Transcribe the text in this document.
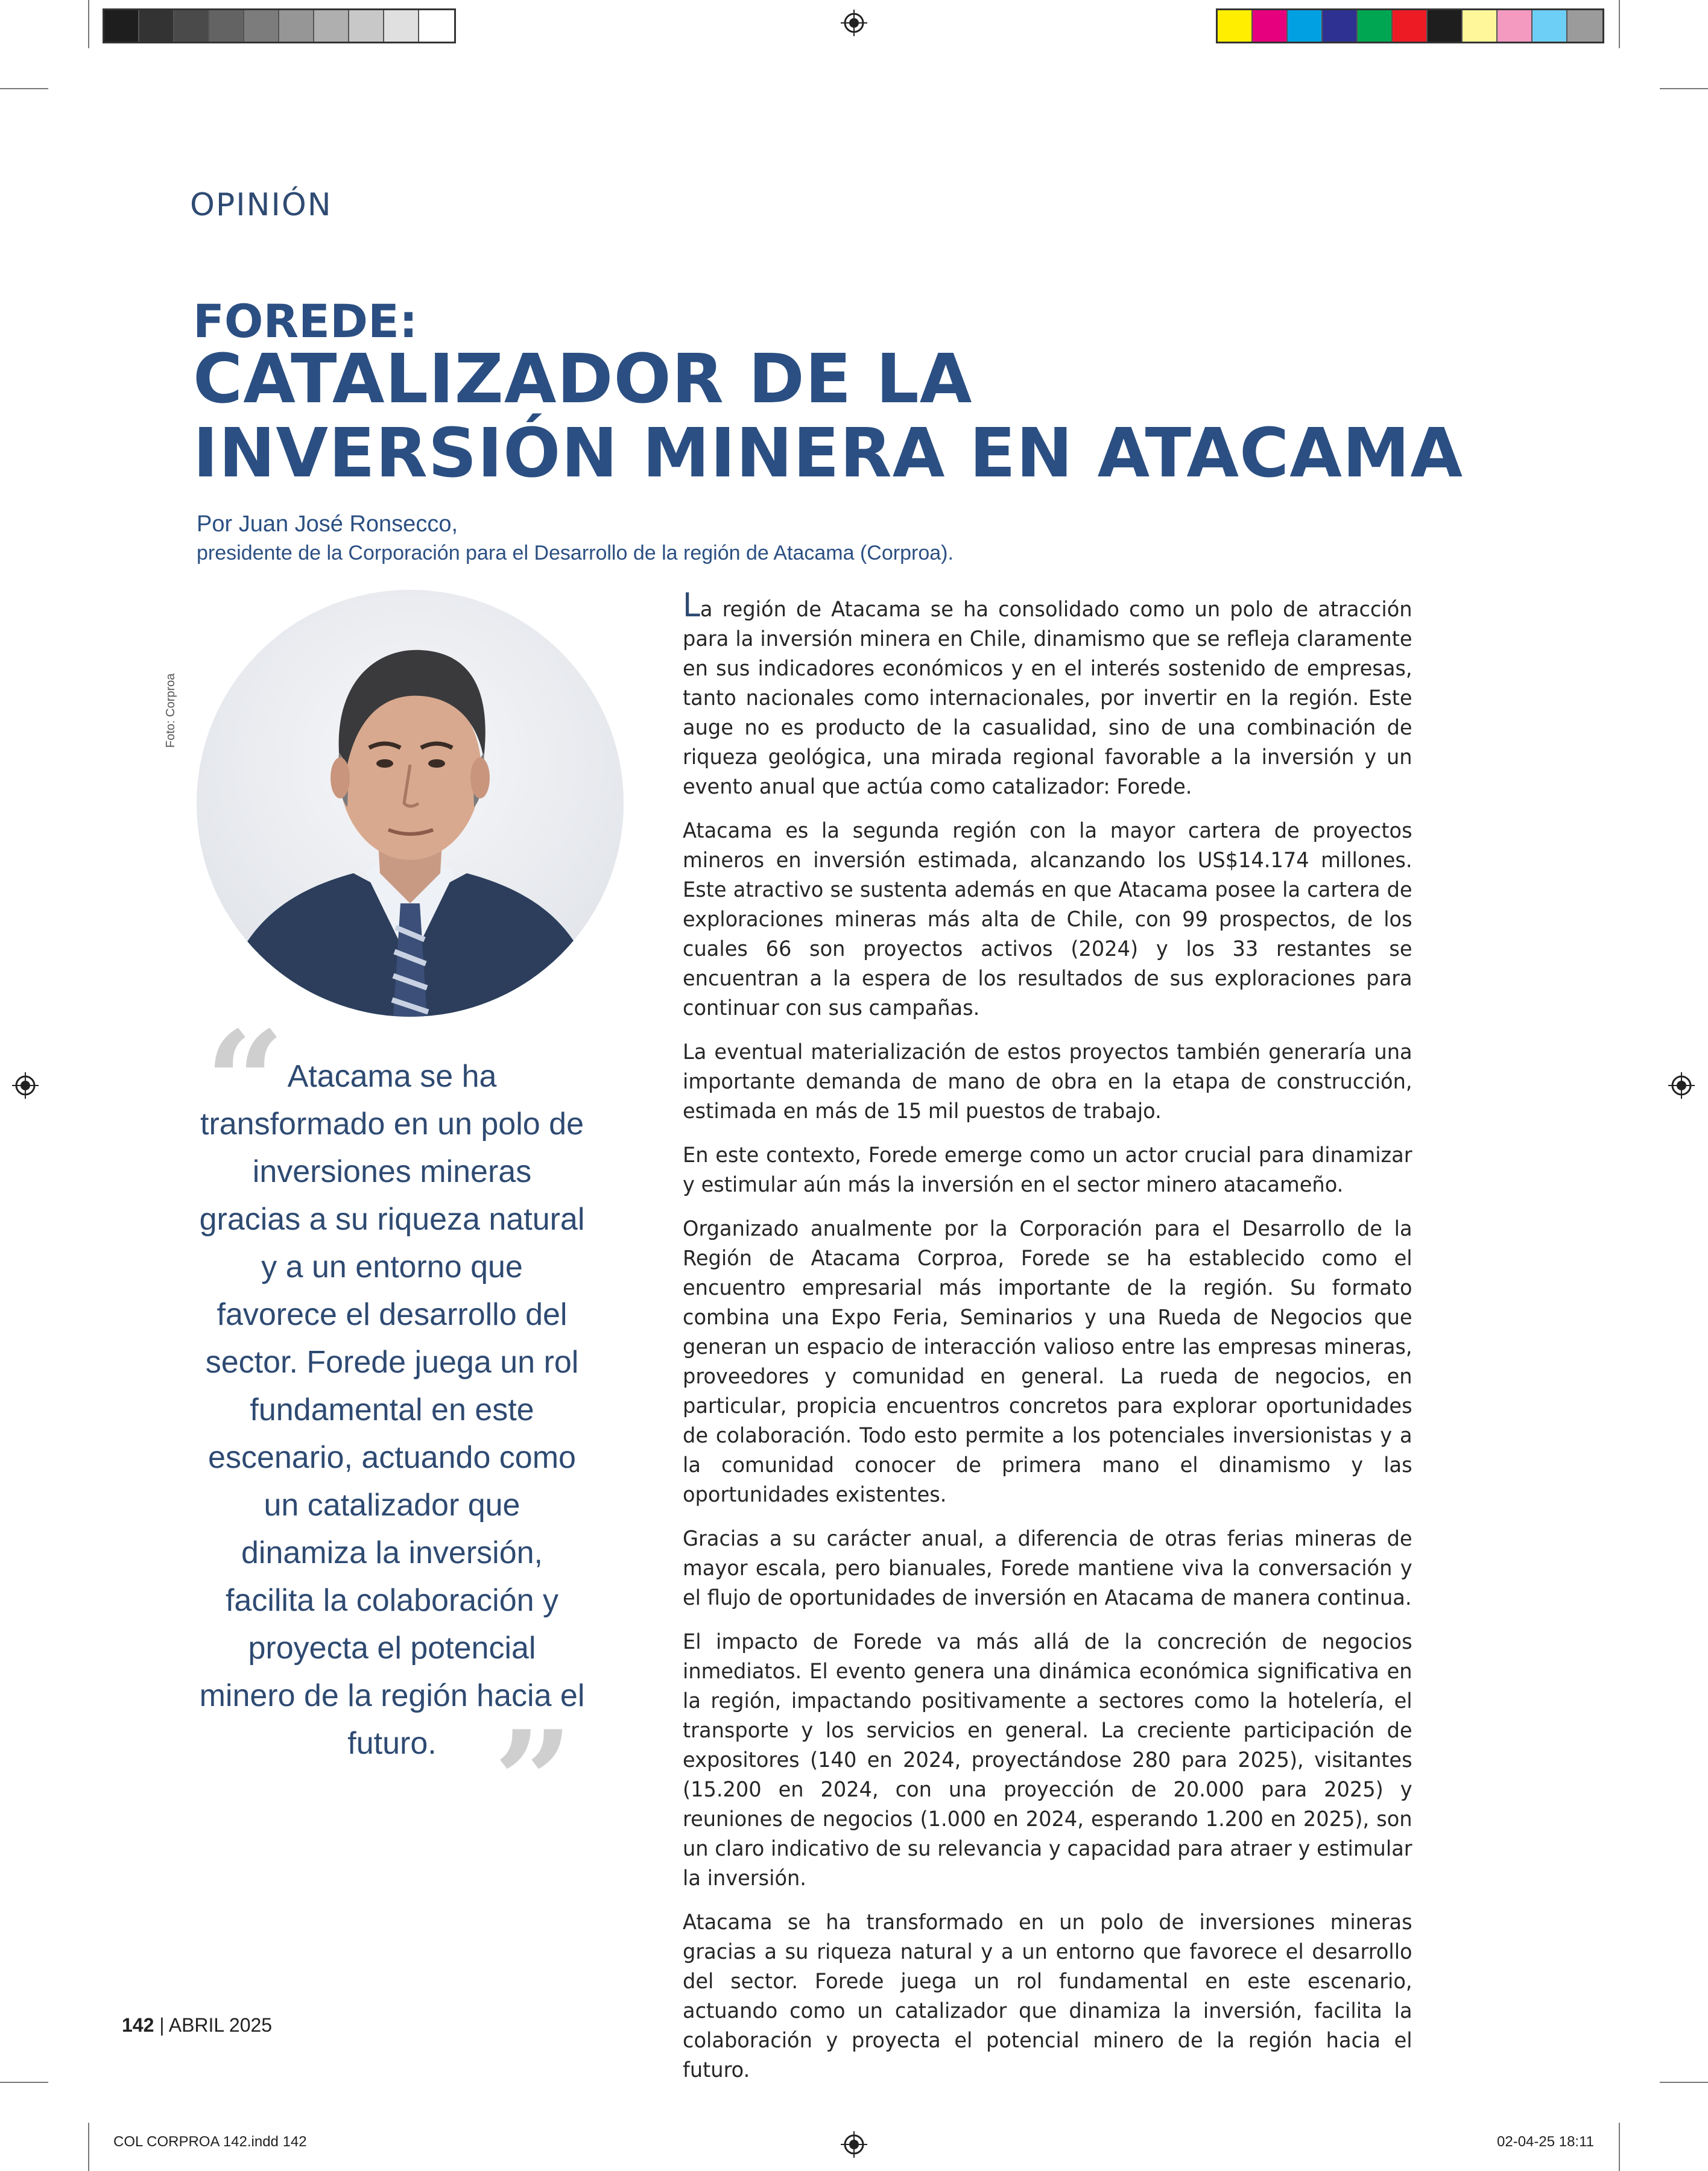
OPINIÓN
FOREDE:
CATALIZADOR DE LA
INVERSIÓN MINERA EN ATACAMA
Por Juan José Ronsecco,
presidente de la Corporación para el Desarrollo de la región de Atacama (Corproa).
Foto: Corproa
“ Atacama se ha transformado en un polo de inversiones mineras gracias a su riqueza natural y a un entorno que favorece el desarrollo del sector. Forede juega un rol fundamental en este escenario, actuando como un catalizador que dinamiza la inversión, facilita la colaboración y proyecta el potencial minero de la región hacia el futuro. ”

La región de Atacama se ha consolidado como un polo de atracción para la inversión minera en Chile, dinamismo que se refleja claramente en sus indicadores económicos y en el interés sostenido de empresas, tanto nacionales como internacionales, por invertir en la región. Este auge no es producto de la casualidad, sino de una combinación de riqueza geológica, una mirada regional favorable a la inversión y un evento anual que actúa como catalizador: Forede.

Atacama es la segunda región con la mayor cartera de proyectos mineros en inversión estimada, alcanzando los US$14.174 millones. Este atractivo se sustenta además en que Atacama posee la cartera de exploraciones mineras más alta de Chile, con 99 prospectos, de los cuales 66 son proyectos activos (2024) y los 33 restantes se encuentran a la espera de los resultados de sus exploraciones para continuar con sus campañas.

La eventual materialización de estos proyectos también generaría una importante demanda de mano de obra en la etapa de construcción, estimada en más de 15 mil puestos de trabajo.

En este contexto, Forede emerge como un actor crucial para dinamizar y estimular aún más la inversión en el sector minero atacameño.

Organizado anualmente por la Corporación para el Desarrollo de la Región de Atacama Corproa, Forede se ha establecido como el encuentro empresarial más importante de la región. Su formato combina una Expo Feria, Seminarios y una Rueda de Negocios que generan un espacio de interacción valioso entre las empresas mineras, proveedores y comunidad en general. La rueda de negocios, en particular, propicia encuentros concretos para explorar oportunidades de colaboración. Todo esto permite a los potenciales inversionistas y a la comunidad conocer de primera mano el dinamismo y las oportunidades existentes.

Gracias a su carácter anual, a diferencia de otras ferias mineras de mayor escala, pero bianuales, Forede mantiene viva la conversación y el flujo de oportunidades de inversión en Atacama de manera continua.

El impacto de Forede va más allá de la concreción de negocios inmediatos. El evento genera una dinámica económica significativa en la región, impactando positivamente a sectores como la hotelería, el transporte y los servicios en general. La creciente participación de expositores (140 en 2024, proyectándose 280 para 2025), visitantes (15.200 en 2024, con una proyección de 20.000 para 2025) y reuniones de negocios (1.000 en 2024, esperando 1.200 en 2025), son un claro indicativo de su relevancia y capacidad para atraer y estimular la inversión.

Atacama se ha transformado en un polo de inversiones mineras gracias a su riqueza natural y a un entorno que favorece el desarrollo del sector. Forede juega un rol fundamental en este escenario, actuando como un catalizador que dinamiza la inversión, facilita la colaboración y proyecta el potencial minero de la región hacia el futuro.

142 | ABRIL 2025
COL CORPROA 142.indd 142	02-04-25 18:11
